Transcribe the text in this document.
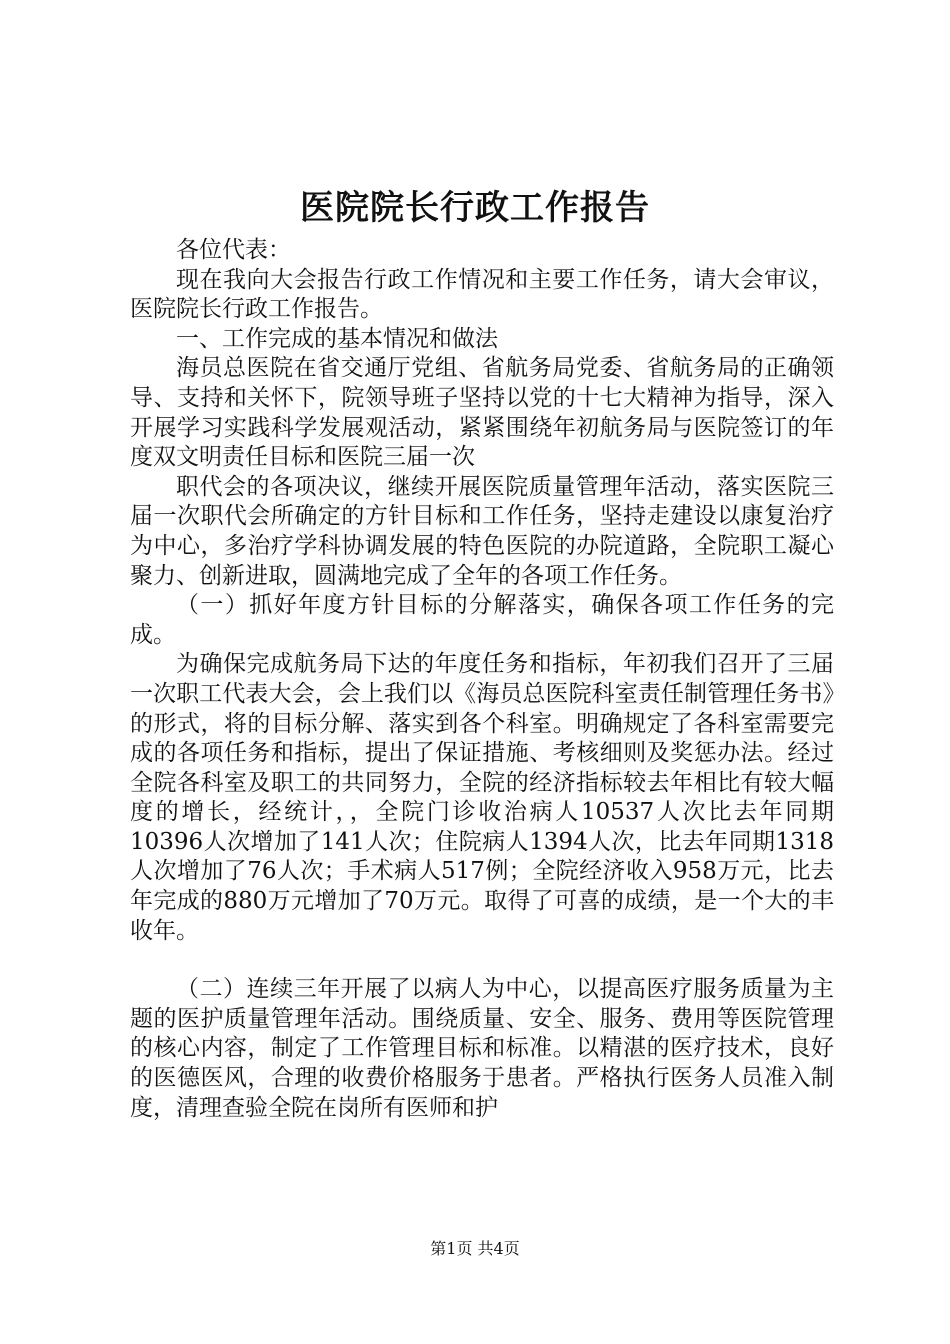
医院院长行政工作报告

各位代表：

现在我向大会报告行政工作情况和主要工作任务，请大会审议，医院院长行政工作报告。

一、工作完成的基本情况和做法

海员总医院在省交通厅党组、省航务局党委、省航务局的正确领导、支持和关怀下，院领导班子坚持以党的十七大精神为指导，深入开展学习实践科学发展观活动，紧紧围绕年初航务局与医院签订的年度双文明责任目标和医院三届一次

职代会的各项决议，继续开展医院质量管理年活动，落实医院三届一次职代会所确定的方针目标和工作任务，坚持走建设以康复治疗为中心，多治疗学科协调发展的特色医院的办院道路，全院职工凝心聚力、创新进取，圆满地完成了全年的各项工作任务。

（一）抓好年度方针目标的分解落实，确保各项工作任务的完成。

为确保完成航务局下达的年度任务和指标，年初我们召开了三届一次职工代表大会，会上我们以《海员总医院科室责任制管理任务书》的形式，将的目标分解、落实到各个科室。明确规定了各科室需要完成的各项任务和指标，提出了保证措施、考核细则及奖惩办法。经过全院各科室及职工的共同努力，全院的经济指标较去年相比有较大幅度的增长，经统计，，全院门诊收治病人10537人次比去年同期10396人次增加了141人次；住院病人1394人次，比去年同期1318人次增加了76人次；手术病人517例；全院经济收入958万元，比去年完成的880万元增加了70万元。取得了可喜的成绩，是一个大的丰收年。

（二）连续三年开展了以病人为中心，以提高医疗服务质量为主题的医护质量管理年活动。围绕质量、安全、服务、费用等医院管理的核心内容，制定了工作管理目标和标准。以精湛的医疗技术，良好的医德医风，合理的收费价格服务于患者。严格执行医务人员准入制度，清理查验全院在岗所有医师和护

第1页 共4页
